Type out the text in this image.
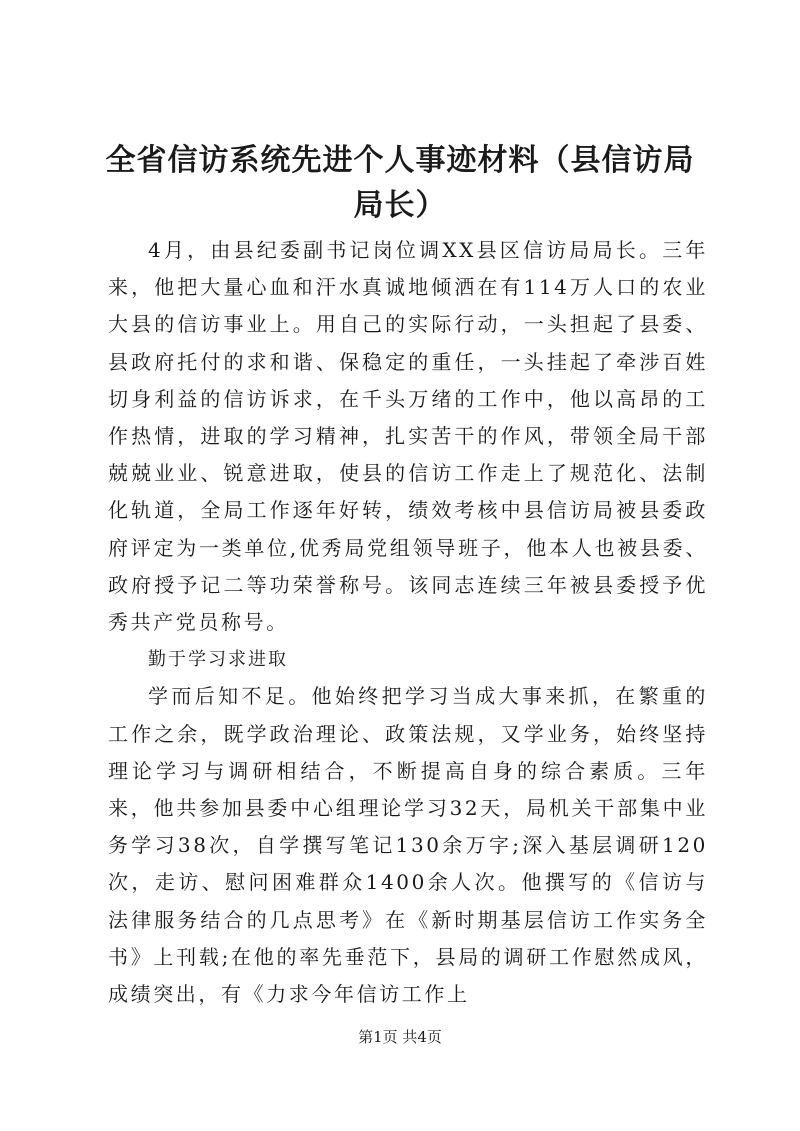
全省信访系统先进个人事迹材料（县信访局局长）

4月，由县纪委副书记岗位调XX县区信访局局长。三年来，他把大量心血和汗水真诚地倾洒在有114万人口的农业大县的信访事业上。用自己的实际行动，一头担起了县委、县政府托付的求和谐、保稳定的重任，一头挂起了牵涉百姓切身利益的信访诉求，在千头万绪的工作中，他以高昂的工作热情，进取的学习精神，扎实苦干的作风，带领全局干部兢兢业业、锐意进取，使县的信访工作走上了规范化、法制化轨道，全局工作逐年好转，绩效考核中县信访局被县委政府评定为一类单位,优秀局党组领导班子，他本人也被县委、政府授予记二等功荣誉称号。该同志连续三年被县委授予优秀共产党员称号。

勤于学习求进取

学而后知不足。他始终把学习当成大事来抓，在繁重的工作之余，既学政治理论、政策法规，又学业务，始终坚持理论学习与调研相结合，不断提高自身的综合素质。三年来，他共参加县委中心组理论学习32天，局机关干部集中业务学习38次，自学撰写笔记130余万字;深入基层调研120次，走访、慰问困难群众1400余人次。他撰写的《信访与法律服务结合的几点思考》在《新时期基层信访工作实务全书》上刊载;在他的率先垂范下，县局的调研工作慰然成风，成绩突出，有《力求今年信访工作上

第1页 共4页
